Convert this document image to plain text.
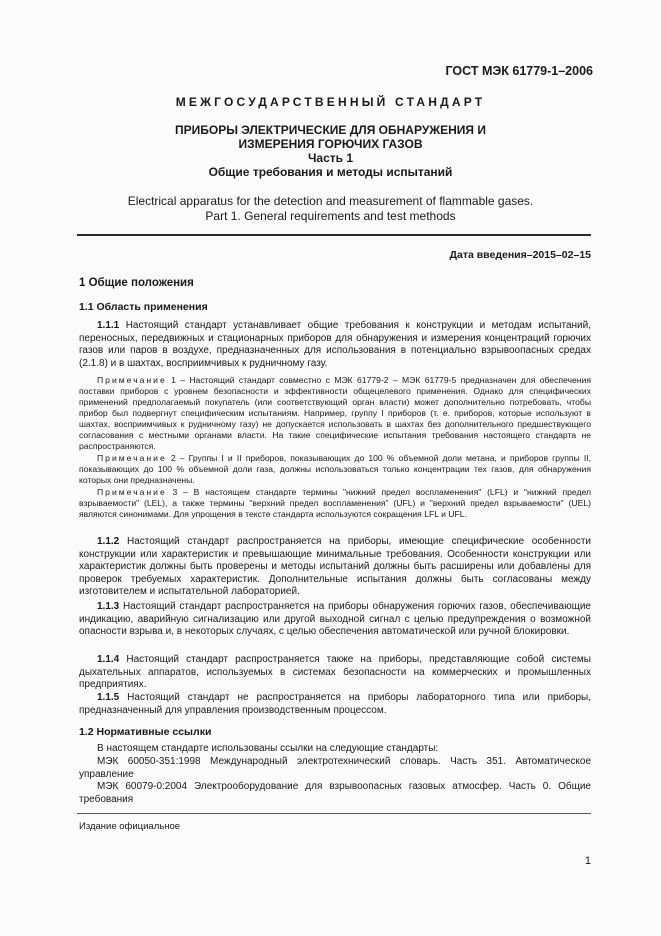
ГОСТ МЭК 61779-1–2006
МЕЖГОСУДАРСТВЕННЫЙ СТАНДАРТ
ПРИБОРЫ ЭЛЕКТРИЧЕСКИЕ ДЛЯ ОБНАРУЖЕНИЯ И
ИЗМЕРЕНИЯ ГОРЮЧИХ ГАЗОВ
Часть 1
Общие требования и методы испытаний
Electrical apparatus for the detection and measurement of flammable gases.
Part 1. General requirements and test methods
Дата введения–2015–02–15
1 Общие положения
1.1 Область применения

1.1.1 Настоящий стандарт устанавливает общие требования к конструкции и методам испытаний, переносных, передвижных и стационарных приборов для обнаружения и измерения концентраций горючих газов или паров в воздухе, предназначенных для использования в потенциально взрывоопасных средах (2.1.8) и в шахтах, восприимчивых к рудничному газу.

Примечание 1 – Настоящий стандарт совместно с МЭК 61779-2 – МЭК 61779-5 предназначен для обеспечения поставки приборов с уровнем безопасности и эффективности общецелевого применения. Однако для специфических применений предполагаемый покупатель (или соответствующий орган власти) может дополнительно потребовать, чтобы прибор был подвергнут специфическим испытаниям. Например, группу I приборов (т. е. приборов, которые используют в шахтах, восприимчивых к рудничному газу) не допускается использовать в шахтах без дополнительного предшествующего согласования с местными органами власти. На такие специфические испытания требования настоящего стандарта не распространяются.

Примечание 2 – Группы I и II приборов, показывающих до 100 % объемной доли метана, и приборов группы II, показывающих до 100 % объемной доли газа, должны использоваться только концентрации тех газов, для обнаружения которых они предназначены.

Примечание 3 – В настоящем стандарте термины "нижний предел воспламенения" (LFL) и "нижний предел взрываемости" (LEL), а также термины "верхний предел воспламенения" (UFL) и "верхний предел взрываемости" (UEL) являются синонимами. Для упрощения в тексте стандарта используются сокращения LFL и UFL.

1.1.2 Настоящий стандарт распространяется на приборы, имеющие специфические особенности конструкции или характеристик и превышающие минимальные требования. Особенности конструкции или характеристик должны быть проверены и методы испытаний должны быть расширены или добавлены для проверок требуемых характеристик. Дополнительные испытания должны быть согласованы между изготовителем и испытательной лабораторией.

1.1.3 Настоящий стандарт распространяется на приборы обнаружения горючих газов, обеспечивающие индикацию, аварийную сигнализацию или другой выходной сигнал с целью предупреждения о возможной опасности взрыва и, в некоторых случаях, с целью обеспечения автоматической или ручной блокировки.

1.1.4 Настоящий стандарт распространяется также на приборы, представляющие собой системы дыхательных аппаратов, используемых в системах безопасности на коммерческих и промышленных предприятиях.

1.1.5 Настоящий стандарт не распространяется на приборы лабораторного типа или приборы, предназначенный для управления производственным процессом.

1.2 Нормативные ссылки

В настоящем стандарте использованы ссылки на следующие стандарты:

МЭК 60050-351:1998 Международный электротехнический словарь. Часть 351. Автоматическое управление

МЭК 60079-0:2004 Электрооборудование для взрывоопасных газовых атмосфер. Часть 0. Общие требования

Издание официальное
1
